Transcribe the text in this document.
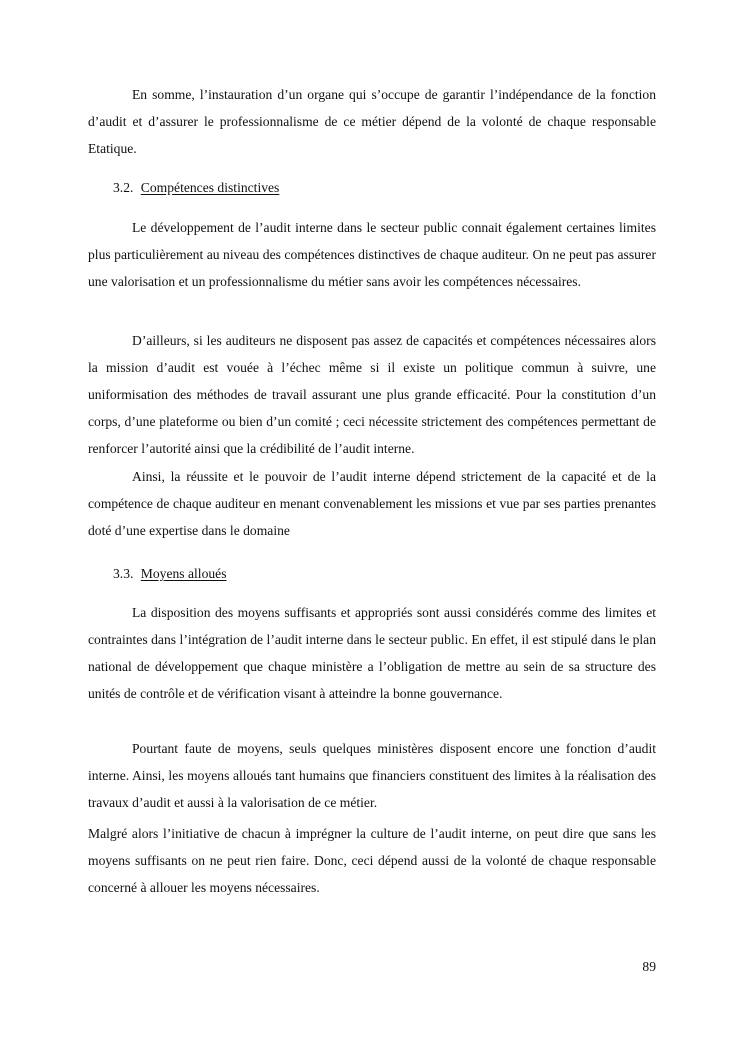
En somme, l’instauration d’un organe qui s’occupe de garantir l’indépendance de la fonction d’audit et d’assurer le professionnalisme de ce métier dépend de la volonté de chaque responsable Etatique.

3.2. Compétences distinctives

Le développement de l’audit interne dans le secteur public connait également certaines limites plus particulièrement au niveau des compétences distinctives de chaque auditeur. On ne peut pas assurer une valorisation et un professionnalisme du métier sans avoir les compétences nécessaires.

D’ailleurs, si les auditeurs ne disposent pas assez de capacités et compétences nécessaires alors la mission d’audit est vouée à l’échec même si il existe un politique commun à suivre, une uniformisation des méthodes de travail assurant une plus grande efficacité. Pour la constitution d’un corps, d’une plateforme ou bien d’un comité ; ceci nécessite strictement des compétences permettant de renforcer l’autorité ainsi que la crédibilité de l’audit interne.

Ainsi, la réussite et le pouvoir de l’audit interne dépend strictement de la capacité et de la compétence de chaque auditeur en menant convenablement les missions et vue par ses parties prenantes doté d’une expertise dans le domaine

3.3. Moyens alloués

La disposition des moyens suffisants et appropriés sont aussi considérés comme des limites et contraintes dans l’intégration de l’audit interne dans le secteur public. En effet, il est stipulé dans le plan national de développement que chaque ministère a l’obligation de mettre au sein de sa structure des unités de contrôle et de vérification visant à atteindre la bonne gouvernance.

Pourtant faute de moyens, seuls quelques ministères disposent encore une fonction d’audit interne. Ainsi, les moyens alloués tant humains que financiers constituent des limites à la réalisation des travaux d’audit et aussi à la valorisation de ce métier.

Malgré alors l’initiative de chacun à imprégner la culture de l’audit interne, on peut dire que sans les moyens suffisants on ne peut rien faire. Donc, ceci dépend aussi de la volonté de chaque responsable concerné à allouer les moyens nécessaires.

89
